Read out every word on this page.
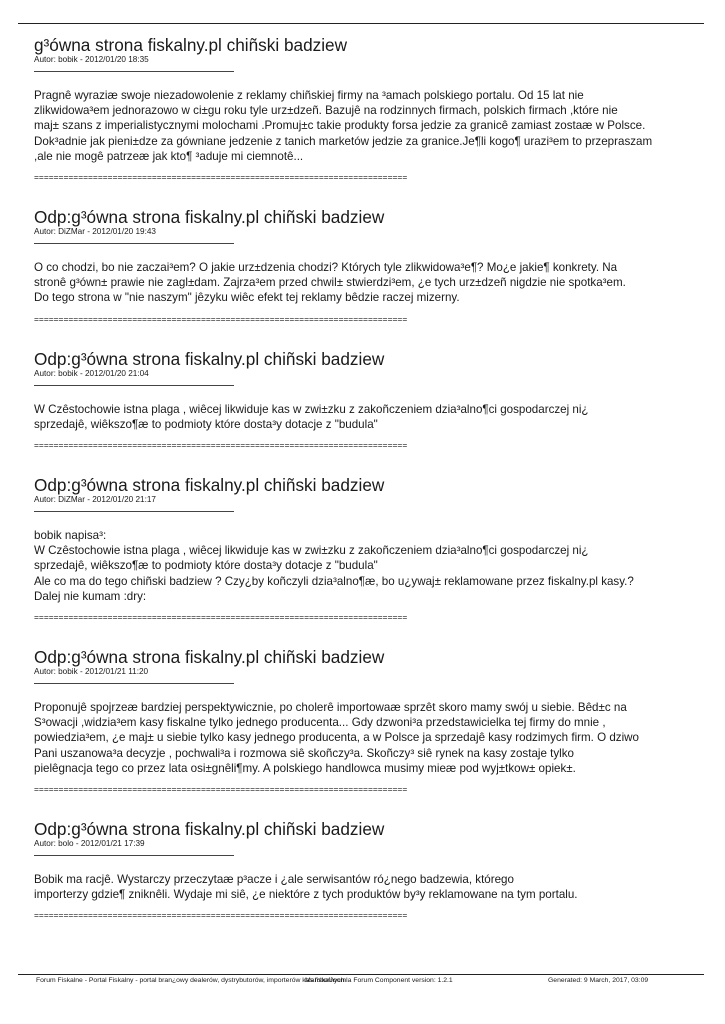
g³ówna strona fiskalny.pl chiñski badziew
Autor: bobik - 2012/01/20 18:35
Pragnê wyraziæ swoje niezadowolenie z reklamy chiñskiej firmy na ³amach polskiego portalu. Od 15 lat nie
zlikwidowa³em jednorazowo w ci±gu roku tyle urz±dzeñ. Bazujê na rodzinnych firmach, polskich firmach ,które nie
maj± szans z imperialistycznymi molochami .Promuj±c takie produkty forsa jedzie za granicê zamiast zostaæ w Polsce.
Dok³adnie jak pieni±dze za gówniane jedzenie z tanich marketów jedzie za granice.Je¶li kogo¶ urazi³em to przepraszam
,ale nie mogê patrzeæ jak kto¶ ³aduje mi ciemnotê...
============================================================================
Odp:g³ówna strona fiskalny.pl chiñski badziew
Autor: DiZMar - 2012/01/20 19:43
O co chodzi, bo nie zaczai³em? O jakie urz±dzenia chodzi? Których tyle zlikwidowa³e¶? Mo¿e jakie¶ konkrety. Na
stronê g³ówn± prawie nie zagl±dam. Zajrza³em przed chwil± stwierdzi³em, ¿e tych urz±dzeñ nigdzie nie spotka³em.
Do tego strona w "nie naszym" jêzyku wiêc efekt tej reklamy bêdzie raczej mizerny.
============================================================================
Odp:g³ówna strona fiskalny.pl chiñski badziew
Autor: bobik - 2012/01/20 21:04
W Czêstochowie istna plaga , wiêcej likwiduje kas w zwi±zku z zakoñczeniem dzia³alno¶ci gospodarczej ni¿
sprzedajê, wiêkszo¶æ to podmioty które dosta³y dotacje z "budula"
============================================================================
Odp:g³ówna strona fiskalny.pl chiñski badziew
Autor: DiZMar - 2012/01/20 21:17
bobik napisa³:
W Czêstochowie istna plaga , wiêcej likwiduje kas w zwi±zku z zakoñczeniem dzia³alno¶ci gospodarczej ni¿
sprzedajê, wiêkszo¶æ to podmioty które dosta³y dotacje z "budula"
Ale co ma do tego chiñski badziew ? Czy¿by koñczyli dzia³alno¶æ, bo u¿ywaj± reklamowane przez fiskalny.pl kasy.?
Dalej nie kumam :dry:
============================================================================
Odp:g³ówna strona fiskalny.pl chiñski badziew
Autor: bobik - 2012/01/21 11:20
Proponujê spojrzeæ bardziej perspektywicznie, po cholerê importowaæ sprzêt skoro mamy swój u siebie. Bêd±c na
S³owacji ,widzia³em kasy fiskalne tylko jednego producenta... Gdy dzwoni³a przedstawicielka tej firmy do mnie ,
powiedzia³em, ¿e maj± u siebie tylko kasy jednego producenta, a w Polsce ja sprzedajê kasy rodzimych firm. O dziwo
Pani uszanowa³a decyzje , pochwali³a i rozmowa siê skoñczy³a. Skoñczy³ siê rynek na kasy zostaje tylko
pielêgnacja tego co przez lata osi±gnêli¶my. A polskiego handlowca musimy mieæ pod wyj±tkow± opiek±.
============================================================================
Odp:g³ówna strona fiskalny.pl chiñski badziew
Autor: bolo - 2012/01/21 17:39
Bobik ma racjê. Wystarczy przeczytaæ p³acze i ¿ale serwisantów ró¿nego badzewia, którego
importerzy gdzie¶ zniknêli. Wydaje mi siê, ¿e niektóre z tych produktów by³y reklamowane na tym portalu.
============================================================================
Forum Fiskalne - Portal Fiskalny - portal bran¿owy dealerów, dystrybutorów, importerów kas fiskalnych
Mambo/Joomla Forum Component version: 1.2.1	Generated: 9 March, 2017, 03:09
